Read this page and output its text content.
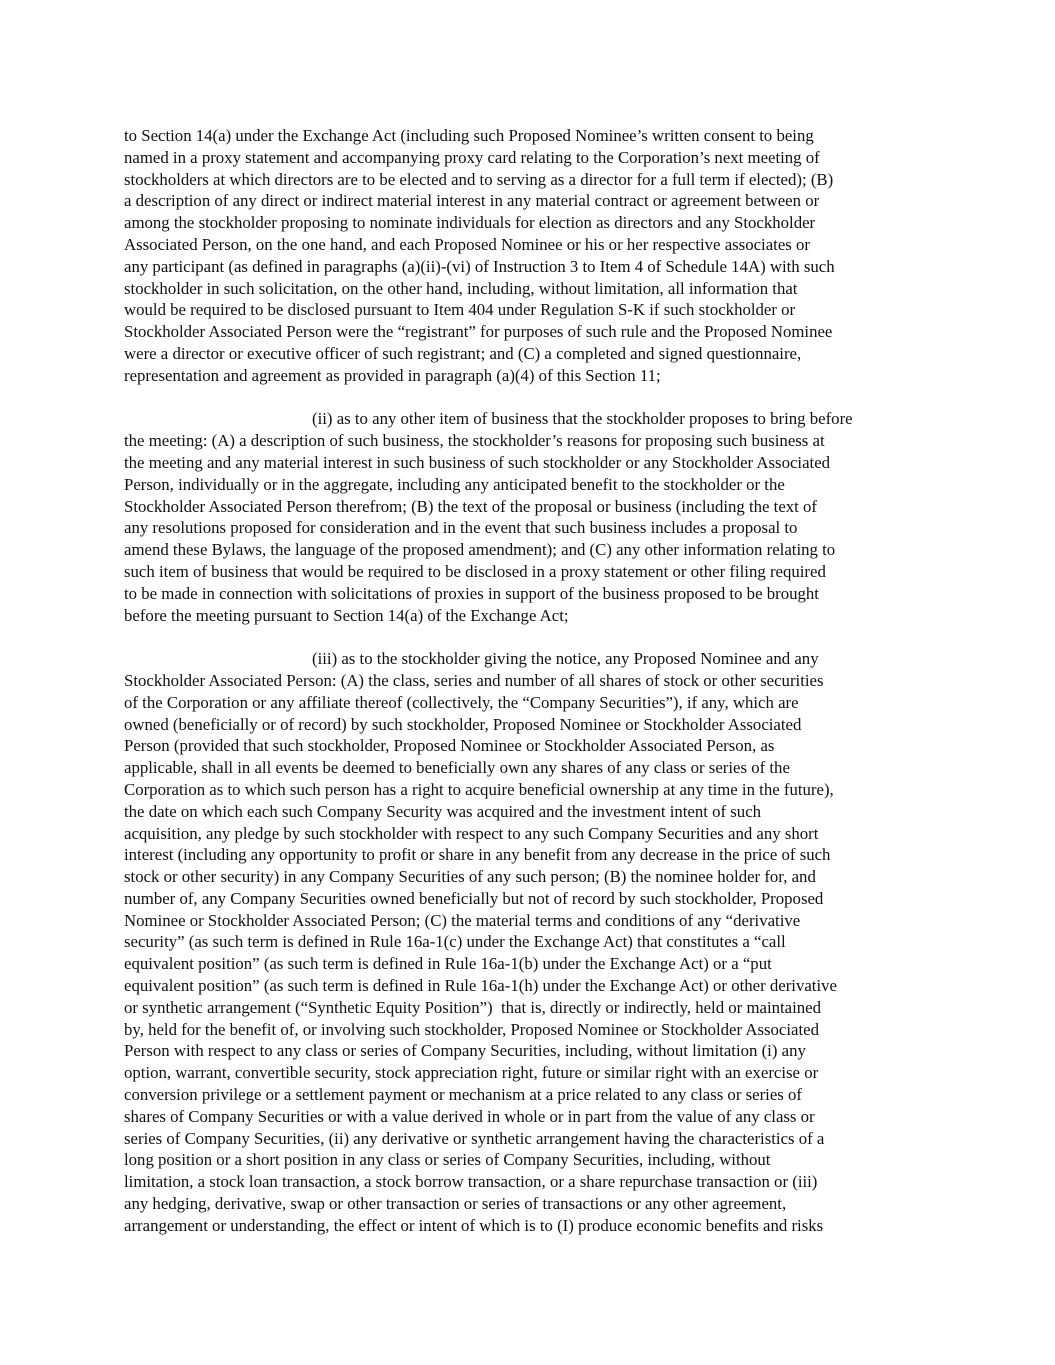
to Section 14(a) under the Exchange Act (including such Proposed Nominee’s written consent to being
named in a proxy statement and accompanying proxy card relating to the Corporation’s next meeting of
stockholders at which directors are to be elected and to serving as a director for a full term if elected); (B)
a description of any direct or indirect material interest in any material contract or agreement between or
among the stockholder proposing to nominate individuals for election as directors and any Stockholder
Associated Person, on the one hand, and each Proposed Nominee or his or her respective associates or
any participant (as defined in paragraphs (a)(ii)-(vi) of Instruction 3 to Item 4 of Schedule 14A) with such
stockholder in such solicitation, on the other hand, including, without limitation, all information that
would be required to be disclosed pursuant to Item 404 under Regulation S-K if such stockholder or
Stockholder Associated Person were the “registrant” for purposes of such rule and the Proposed Nominee
were a director or executive officer of such registrant; and (C) a completed and signed questionnaire,
representation and agreement as provided in paragraph (a)(4) of this Section 11;
(ii) as to any other item of business that the stockholder proposes to bring before
the meeting: (A) a description of such business, the stockholder’s reasons for proposing such business at
the meeting and any material interest in such business of such stockholder or any Stockholder Associated
Person, individually or in the aggregate, including any anticipated benefit to the stockholder or the
Stockholder Associated Person therefrom; (B) the text of the proposal or business (including the text of
any resolutions proposed for consideration and in the event that such business includes a proposal to
amend these Bylaws, the language of the proposed amendment); and (C) any other information relating to
such item of business that would be required to be disclosed in a proxy statement or other filing required
to be made in connection with solicitations of proxies in support of the business proposed to be brought
before the meeting pursuant to Section 14(a) of the Exchange Act;
(iii) as to the stockholder giving the notice, any Proposed Nominee and any
Stockholder Associated Person: (A) the class, series and number of all shares of stock or other securities
of the Corporation or any affiliate thereof (collectively, the “Company Securities”), if any, which are
owned (beneficially or of record) by such stockholder, Proposed Nominee or Stockholder Associated
Person (provided that such stockholder, Proposed Nominee or Stockholder Associated Person, as
applicable, shall in all events be deemed to beneficially own any shares of any class or series of the
Corporation as to which such person has a right to acquire beneficial ownership at any time in the future),
the date on which each such Company Security was acquired and the investment intent of such
acquisition, any pledge by such stockholder with respect to any such Company Securities and any short
interest (including any opportunity to profit or share in any benefit from any decrease in the price of such
stock or other security) in any Company Securities of any such person; (B) the nominee holder for, and
number of, any Company Securities owned beneficially but not of record by such stockholder, Proposed
Nominee or Stockholder Associated Person; (C) the material terms and conditions of any “derivative
security” (as such term is defined in Rule 16a-1(c) under the Exchange Act) that constitutes a “call
equivalent position” (as such term is defined in Rule 16a-1(b) under the Exchange Act) or a “put
equivalent position” (as such term is defined in Rule 16a-1(h) under the Exchange Act) or other derivative
or synthetic arrangement (“Synthetic Equity Position”)  that is, directly or indirectly, held or maintained
by, held for the benefit of, or involving such stockholder, Proposed Nominee or Stockholder Associated
Person with respect to any class or series of Company Securities, including, without limitation (i) any
option, warrant, convertible security, stock appreciation right, future or similar right with an exercise or
conversion privilege or a settlement payment or mechanism at a price related to any class or series of
shares of Company Securities or with a value derived in whole or in part from the value of any class or
series of Company Securities, (ii) any derivative or synthetic arrangement having the characteristics of a
long position or a short position in any class or series of Company Securities, including, without
limitation, a stock loan transaction, a stock borrow transaction, or a share repurchase transaction or (iii)
any hedging, derivative, swap or other transaction or series of transactions or any other agreement,
arrangement or understanding, the effect or intent of which is to (I) produce economic benefits and risks
